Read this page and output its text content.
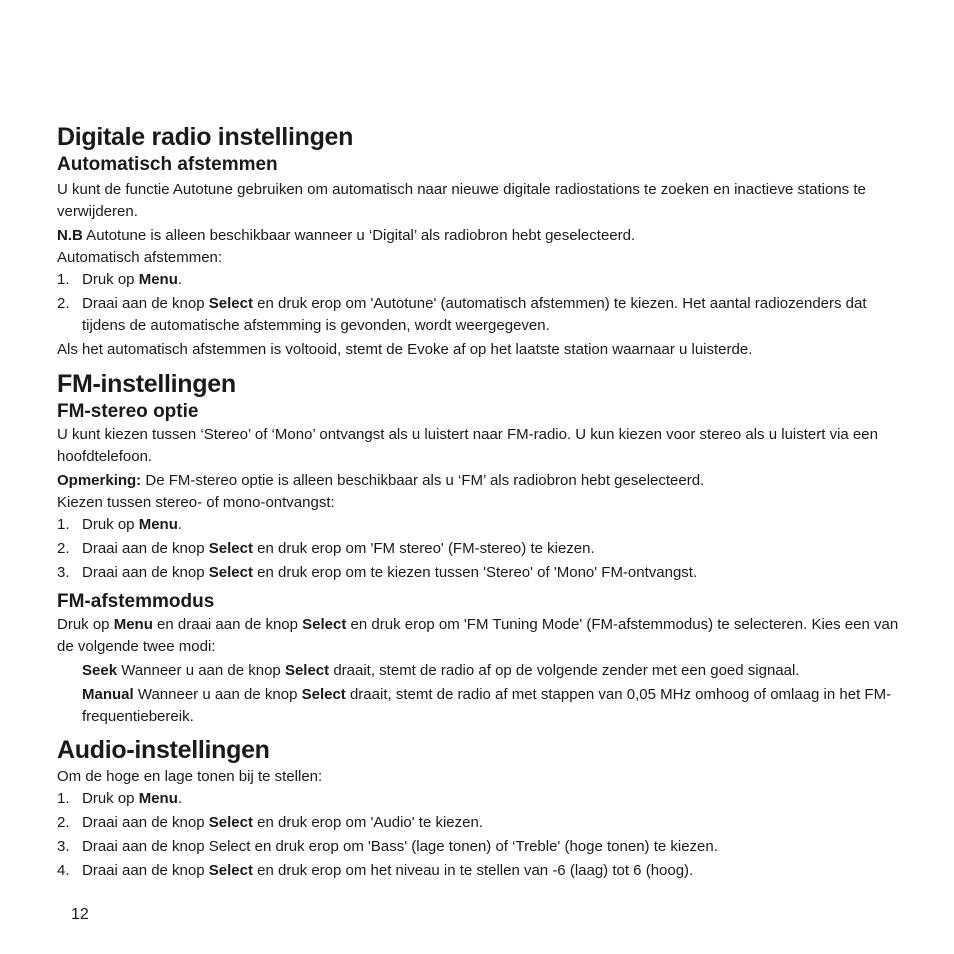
Digitale radio instellingen
Automatisch afstemmen

U kunt de functie Autotune gebruiken om automatisch naar nieuwe digitale radiostations te zoeken en inactieve stations te verwijderen.

N.B Autotune is alleen beschikbaar wanneer u ‘Digital’ als radiobron hebt geselecteerd.

Automatisch afstemmen:

1. Druk op Menu.
2. Draai aan de knop Select en druk erop om 'Autotune' (automatisch afstemmen) te kiezen. Het aantal radiozenders dat tijdens de automatische afstemming is gevonden, wordt weergegeven.

Als het automatisch afstemmen is voltooid, stemt de Evoke af op het laatste station waarnaar u luisterde.

FM-instellingen
FM-stereo optie

U kunt kiezen tussen ‘Stereo’ of ‘Mono’ ontvangst als u luistert naar FM-radio. U kun kiezen voor stereo als u luistert via een hoofdtelefoon.

Opmerking: De FM-stereo optie is alleen beschikbaar als u ‘FM’ als radiobron hebt geselecteerd.

Kiezen tussen stereo- of mono-ontvangst:

1. Druk op Menu.
2. Draai aan de knop Select en druk erop om 'FM stereo' (FM-stereo) te kiezen.
3. Draai aan de knop Select en druk erop om te kiezen tussen 'Stereo' of 'Mono' FM-ontvangst.
FM-afstemmodus

Druk op Menu en draai aan de knop Select en druk erop om 'FM Tuning Mode' (FM-afstemmodus) te selecteren. Kies een van de volgende twee modi:

Seek Wanneer u aan de knop Select draait, stemt de radio af op de volgende zender met een goed signaal.

Manual Wanneer u aan de knop Select draait, stemt de radio af met stappen van 0,05 MHz omhoog of omlaag in het FM-frequentiebereik.

Audio-instellingen

Om de hoge en lage tonen bij te stellen:

1. Druk op Menu.
2. Draai aan de knop Select en druk erop om 'Audio' te kiezen.
3. Draai aan de knop Select en druk erop om 'Bass' (lage tonen) of ‘Treble' (hoge tonen) te kiezen.
4. Draai aan de knop Select en druk erop om het niveau in te stellen van -6 (laag) tot 6 (hoog).
12
